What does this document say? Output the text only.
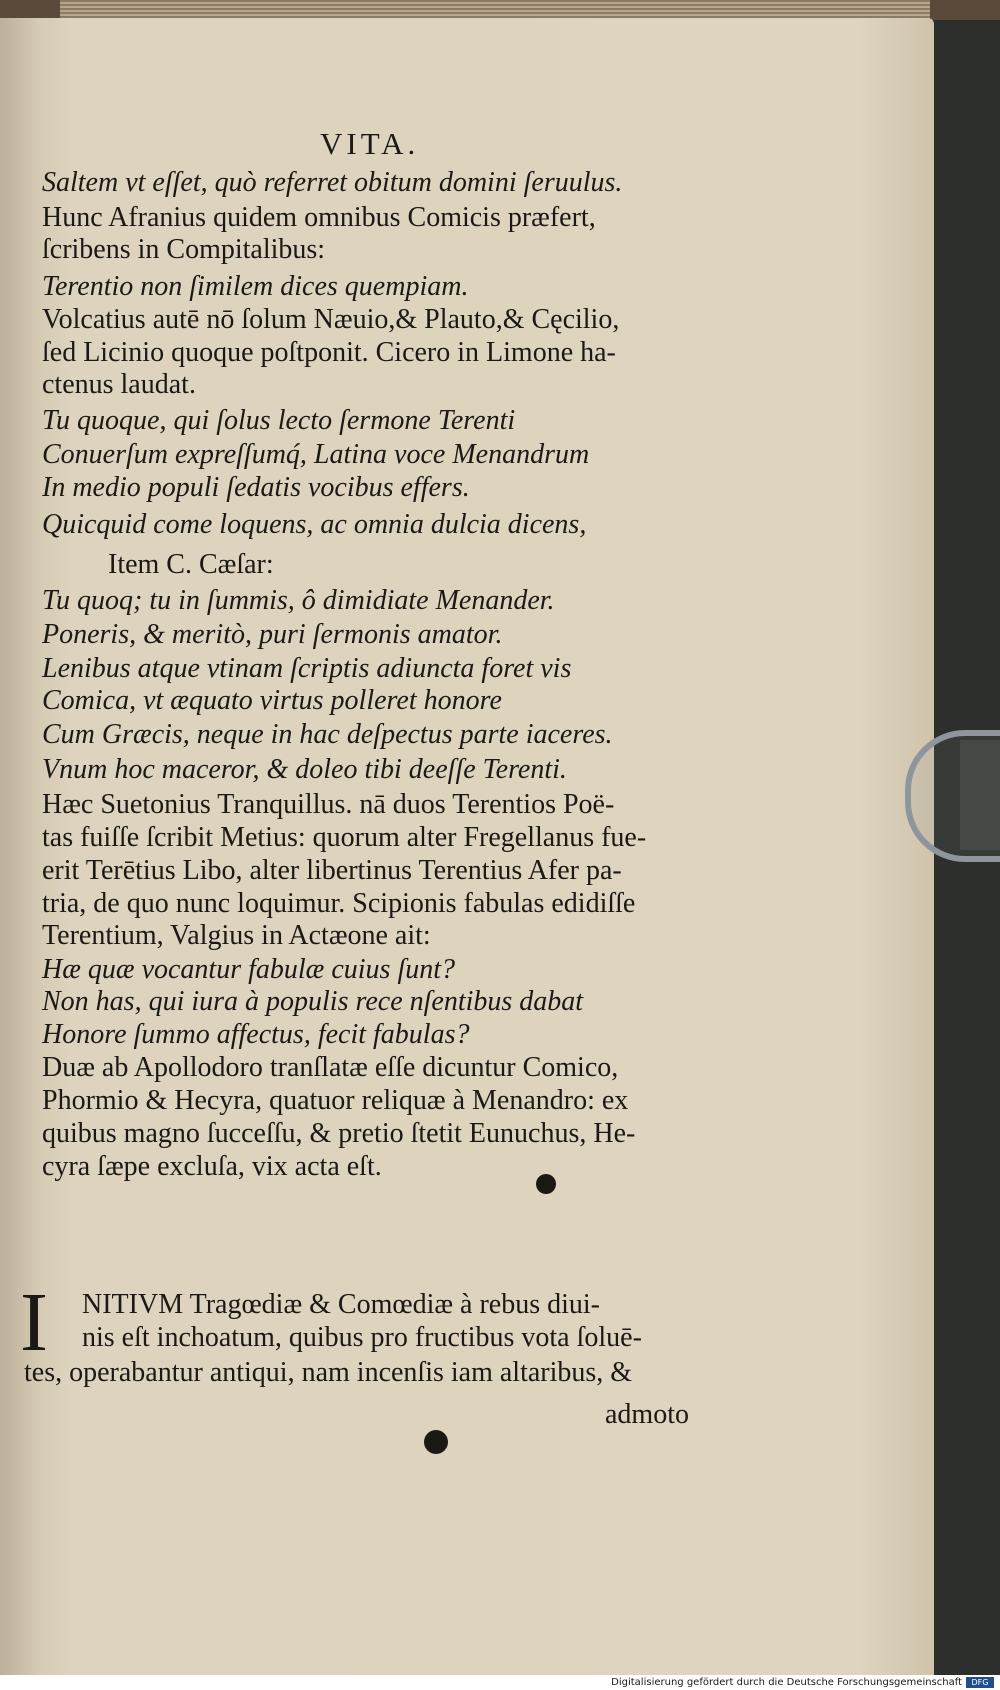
VITA.
Saltem vt eſſet, quò referret obitum domini ſeruulus.
Hunc Afranius quidem omnibus Comicis præfert,
ſcribens in Compitalibus:
Terentio non ſimilem dices quempiam.
Volcatius autē nō ſolum Næuio,& Plauto,& Cęcilio,
ſed Licinio quoque poſtponit. Cicero in Limone ha-
ctenus laudat.
Tu quoque, qui ſolus lecto ſermone Terenti
Conuerſum expreſſumq́, Latina voce Menandrum
In medio populi ſedatis vocibus effers.
Quicquid come loquens, ac omnia dulcia dicens,
Item C. Cæſar:
Tu quoq; tu in ſummis, ô dimidiate Menander.
Poneris, & meritò, puri ſermonis amator.
Lenibus atque vtinam ſcriptis adiuncta foret vis
Comica, vt æquato virtus polleret honore
Cum Græcis, neque in hac deſpectus parte iaceres.
Vnum hoc maceror, & doleo tibi deeſſe Terenti.
Hæc Suetonius Tranquillus. nā duos Terentios Poë-
tas fuiſſe ſcribit Metius: quorum alter Fregellanus fue-
erit Terētius Libo, alter libertinus Terentius Afer pa-
tria, de quo nunc loquimur. Scipionis fabulas edidiſſe
Terentium, Valgius in Actæone ait:
Hæ quæ vocantur fabulæ cuius ſunt?
Non has, qui iura à populis rece nſentibus dabat
Honore ſummo affectus, fecit fabulas?
Duæ ab Apollodoro tranſlatæ eſſe dicuntur Comico,
Phormio & Hecyra, quatuor reliquæ à Menandro: ex
quibus magno ſucceſſu, & pretio ſtetit Eunuchus, He-
cyra ſæpe excluſa, vix acta eſt.
I NITIVM Tragœdiæ & Comœdiæ à rebus diui-
nis eſt inchoatum, quibus pro fructibus vota ſoluē-
tes, operabantur antiqui, nam incenſis iam altaribus, &
admoto
Digitalisierung gefördert durch die Deutsche Forschungsgemeinschaft	DFG
